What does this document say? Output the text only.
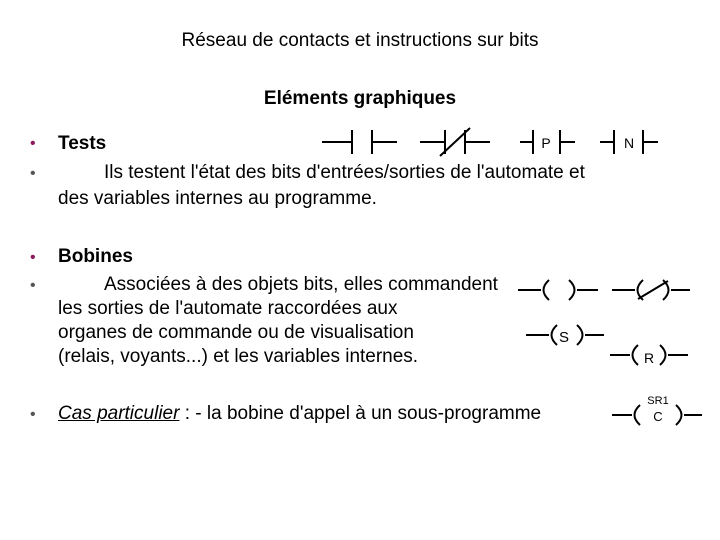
Réseau de contacts et instructions sur bits
Eléments graphiques
• Tests
•	Ils testent l'état des bits d'entrées/sorties de l'automate et
des variables internes au programme.
• Bobines
•	Associées à des objets bits, elles commandent
les sorties de l'automate raccordées aux
organes de commande ou de visualisation
(relais, voyants...) et les variables internes.
• Cas particulier : - la bobine d'appel à un sous-programme
P	N
S
R
SR1
C
